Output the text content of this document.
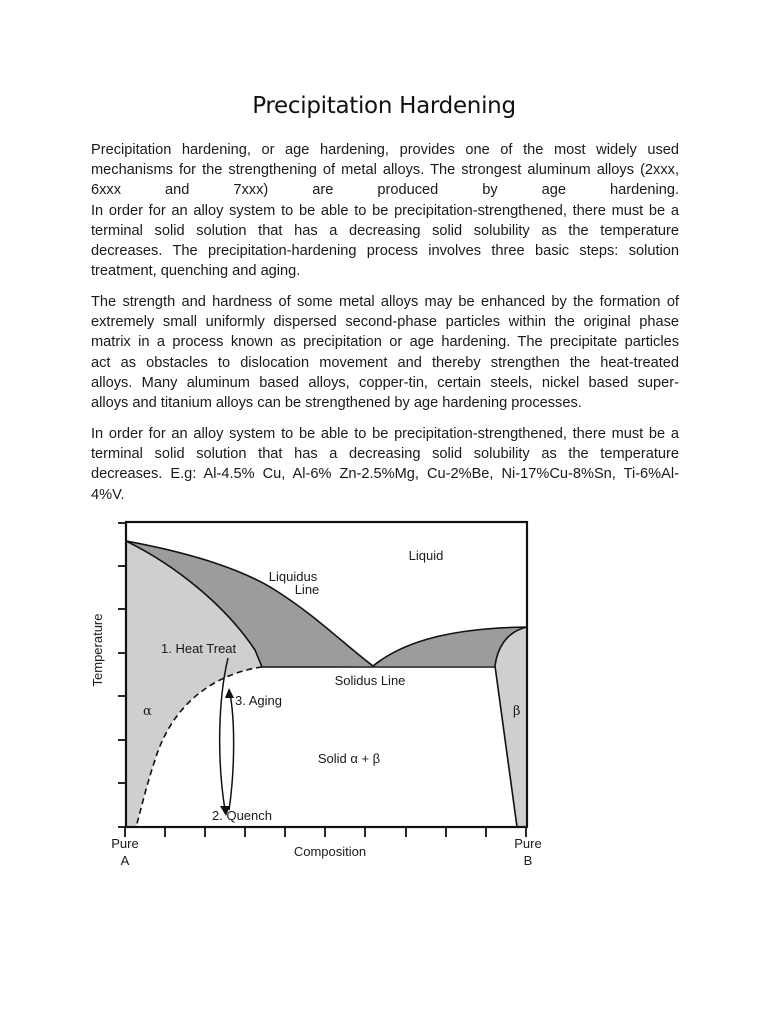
Precipitation Hardening
Precipitation hardening, or age hardening, provides one of the most widely used
mechanisms for the strengthening of metal alloys. The strongest aluminum alloys (2xxx,
6xxx and 7xxx) are produced by age hardening.
In order for an alloy system to be able to be precipitation-strengthened, there must be a
terminal solid solution that has a decreasing solid solubility as the temperature
decreases. The precipitation-hardening process involves three basic steps: solution
treatment, quenching and aging.
The strength and hardness of some metal alloys may be enhanced by the formation of
extremely small uniformly dispersed second-phase particles within the original phase
matrix in a process known as precipitation or age hardening. The precipitate particles
act as obstacles to dislocation movement and thereby strengthen the heat-treated
alloys. Many aluminum based alloys, copper-tin, certain steels, nickel based super-
alloys and titanium alloys can be strengthened by age hardening processes.
In order for an alloy system to be able to be precipitation-strengthened, there must be a
terminal solid solution that has a decreasing solid solubility as the temperature
decreases. E.g: Al-4.5% Cu, Al-6% Zn-2.5%Mg, Cu-2%Be, Ni-17%Cu-8%Sn, Ti-6%Al-
4%V.
Temperature
Composition
Pure
A
Pure
B
Liquid
Liquidus
Line
Solidus Line
1. Heat Treat
3. Aging
2. Quench
α	β
Solid α + β
